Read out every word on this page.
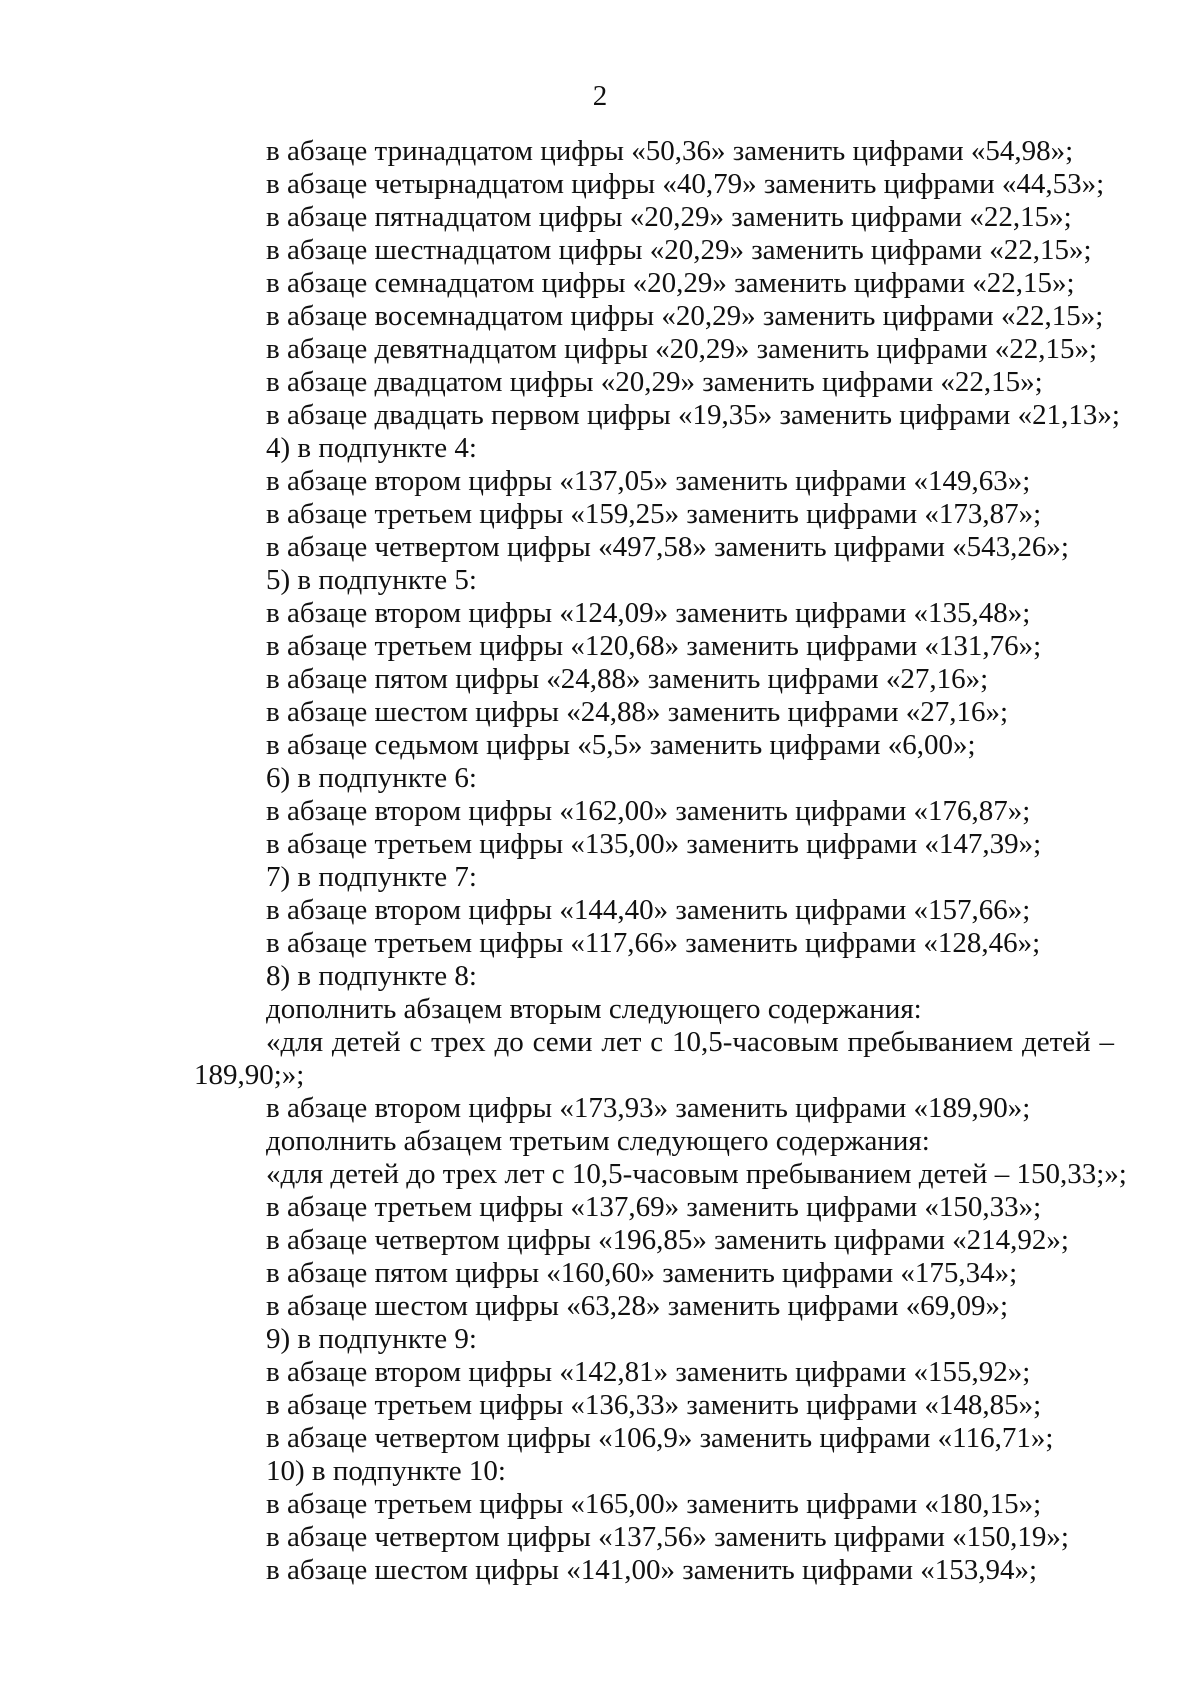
2
в абзаце тринадцатом цифры «50,36» заменить цифрами «54,98»;
в абзаце четырнадцатом цифры «40,79» заменить цифрами «44,53»;
в абзаце пятнадцатом цифры «20,29» заменить цифрами «22,15»;
в абзаце шестнадцатом цифры «20,29» заменить цифрами «22,15»;
в абзаце семнадцатом цифры «20,29» заменить цифрами «22,15»;
в абзаце восемнадцатом цифры «20,29» заменить цифрами «22,15»;
в абзаце девятнадцатом цифры «20,29» заменить цифрами «22,15»;
в абзаце двадцатом цифры «20,29» заменить цифрами «22,15»;
в абзаце двадцать первом цифры «19,35» заменить цифрами «21,13»;
4) в подпункте 4:
в абзаце втором цифры «137,05» заменить цифрами «149,63»;
в абзаце третьем цифры «159,25» заменить цифрами «173,87»;
в абзаце четвертом цифры «497,58» заменить цифрами «543,26»;
5) в подпункте 5:
в абзаце втором цифры «124,09» заменить цифрами «135,48»;
в абзаце третьем цифры «120,68» заменить цифрами «131,76»;
в абзаце пятом цифры «24,88» заменить цифрами «27,16»;
в абзаце шестом цифры «24,88» заменить цифрами «27,16»;
в абзаце седьмом цифры «5,5» заменить цифрами «6,00»;
6) в подпункте 6:
в абзаце втором цифры «162,00» заменить цифрами «176,87»;
в абзаце третьем цифры «135,00» заменить цифрами «147,39»;
7) в подпункте 7:
в абзаце втором цифры «144,40» заменить цифрами «157,66»;
в абзаце третьем цифры «117,66» заменить цифрами «128,46»;
8) в подпункте 8:
дополнить абзацем вторым следующего содержания:
«для детей с трех до семи лет с 10,5-часовым пребыванием детей –
189,90;»;
в абзаце втором цифры «173,93» заменить цифрами «189,90»;
дополнить абзацем третьим следующего содержания:
«для детей до трех лет с 10,5-часовым пребыванием детей – 150,33;»;
в абзаце третьем цифры «137,69» заменить цифрами «150,33»;
в абзаце четвертом цифры «196,85» заменить цифрами «214,92»;
в абзаце пятом цифры «160,60» заменить цифрами «175,34»;
в абзаце шестом цифры «63,28» заменить цифрами «69,09»;
9) в подпункте 9:
в абзаце втором цифры «142,81» заменить цифрами «155,92»;
в абзаце третьем цифры «136,33» заменить цифрами «148,85»;
в абзаце четвертом цифры «106,9» заменить цифрами «116,71»;
10) в подпункте 10:
в абзаце третьем цифры «165,00» заменить цифрами «180,15»;
в абзаце четвертом цифры «137,56» заменить цифрами «150,19»;
в абзаце шестом цифры «141,00» заменить цифрами «153,94»;
